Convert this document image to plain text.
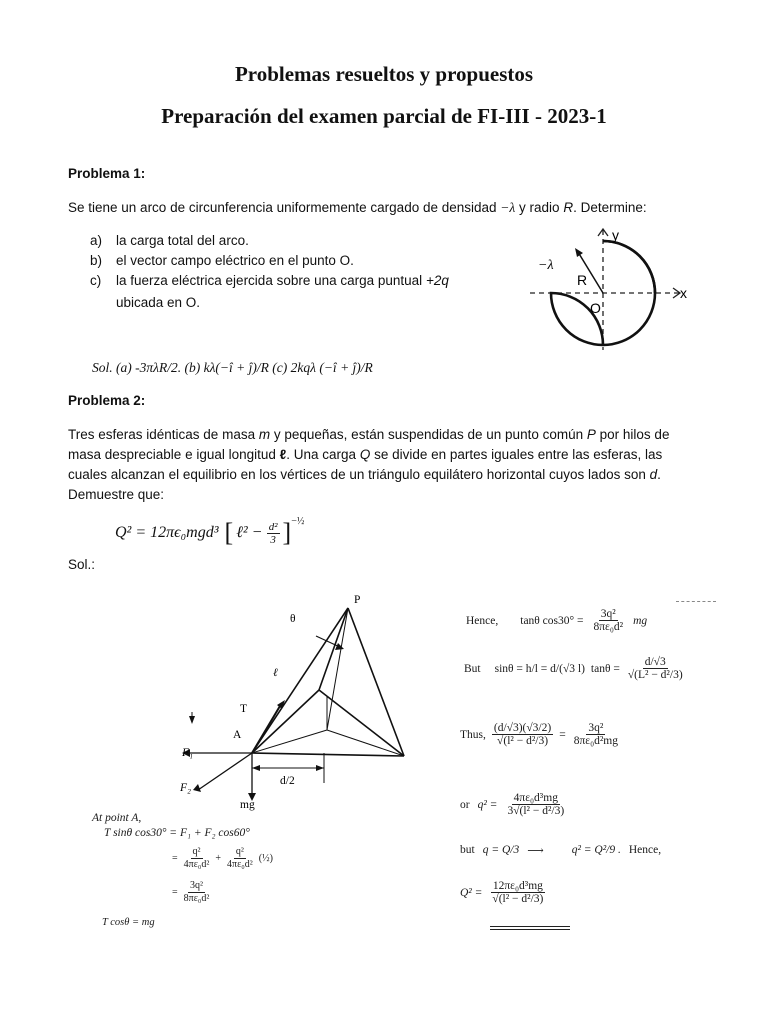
Problemas resueltos y propuestos
Preparación del examen parcial de FI-III - 2023-1
Problema 1:
Se tiene un arco de circunferencia uniformemente cargado de densidad −λ y radio R. Determine:
a) la carga total del arco.
b) el vector campo eléctrico en el punto O.
c) la fuerza eléctrica ejercida sobre una carga puntual +2q
ubicada en O.
y
x
−λ
R
O
Sol. (a) -3πλR/2. (b) kλ(−î + ĵ)/R (c) 2kqλ (−î + ĵ)/R
Problema 2:
Tres esferas idénticas de masa m y pequeñas, están suspendidas de un punto común P por hilos de
masa despreciable e igual longitud ℓ. Una carga Q se divide en partes iguales entre las esferas, las
cuales alcanzan el equilibrio en los vértices de un triángulo equilátero horizontal cuyos lados son d.
Demuestre que:
Q² = 12πϵ₀mgd³ [ ℓ² − $\frac{\text{d²}}{3}$ ] −½
Sol.:
P
θ
ℓ
T
A
F₁
F₂
d/2
mg
At point A,
T sinθ cos30° = F₁ + F₂ cos60°
= $\frac{\text{q²}}{\text{4πε₀d²}} + \frac{\text{q²}}{\text{4πε₀d²}}$ (½)
= $\frac{\text{3q²}}{\text{8πε₀d²}}$
T cosθ = mg
Hence, tanθ $\cos 30^\circ = \frac{\text{3q²}}{\text{8πε₀d²}}$ mg
But sinθ = h/l = d/(√3 l) $\tan\theta = \frac{d/√3}{\text{√(L² − d²/3)}}$
Thus, $\frac{(d/√3)(√3/2)}{\text{√(l² − d²/3)}} = \frac{\text{3q²}}{\text{8πε₀d²mg}}$
or $q^2 = \frac{\text{4πε₀d³mg}}{\text{3√(l² − d²/3)}}$
but q = Q/3 ⟶ q² = Q²/9 . Hence,
$Q^2 = \frac{\text{12πε₀d³mg}}{\text{√(l² − d²/3)}}$
